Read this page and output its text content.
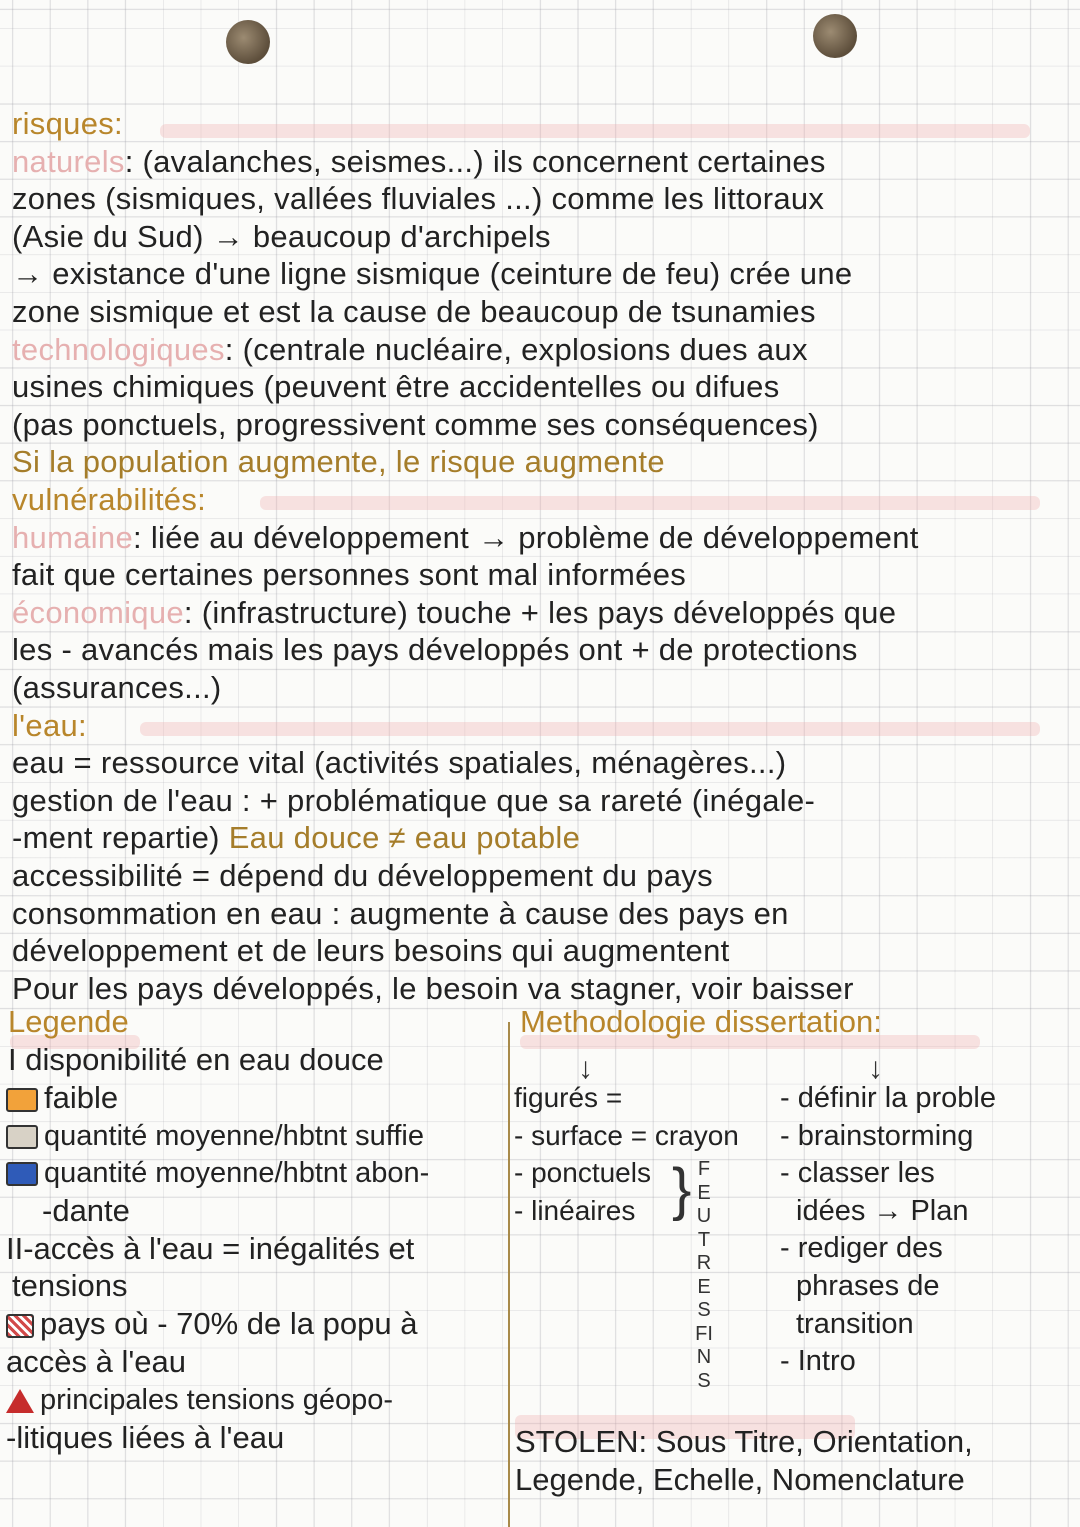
risques:
naturels: (avalanches, seismes...) ils concernent certaines
zones (sismiques, vallées fluviales ...) comme les littoraux
(Asie du Sud) → beaucoup d'archipels
→ existance d'une ligne sismique (ceinture de feu) crée une
zone sismique et est la cause de beaucoup de tsunamies
technologiques: (centrale nucléaire, explosions dues aux
usines chimiques (peuvent être accidentelles ou difues
(pas ponctuels, progressivent comme ses conséquences)
Si la population augmente, le risque augmente
vulnérabilités:
humaine: liée au développement → problème de développement
fait que certaines personnes sont mal informées
économique: (infrastructure) touche + les pays développés que
les - avancés mais les pays développés ont + de protections
(assurances...)
l'eau:
eau = ressource vital (activités spatiales, ménagères...)
gestion de l'eau : + problématique que sa rareté (inégale-
-ment repartie) Eau douce ≠ eau potable
accessibilité = dépend du développement du pays
consommation en eau : augmente à cause des pays en
développement et de leurs besoins qui augmentent
Pour les pays développés, le besoin va stagner, voir baisser
Legende
I disponibilité en eau douce
faible
quantité moyenne/hbtnt suffie
quantité moyenne/hbtnt abon-
-dante
II-accès à l'eau = inégalités et
tensions
pays où - 70% de la popu à
accès à l'eau
principales tensions géopo-
-litiques liées à l'eau
Methodologie dissertation:
↓	↓
figurés =
- surface = crayon
- ponctuels
- linéaires } FEUTRES FINS
- définir la proble
- brainstorming
- classer les
idées → Plan
- rediger des
phrases de
transition
- Intro
STOLEN: Sous Titre, Orientation,
Legende, Echelle, Nomenclature
